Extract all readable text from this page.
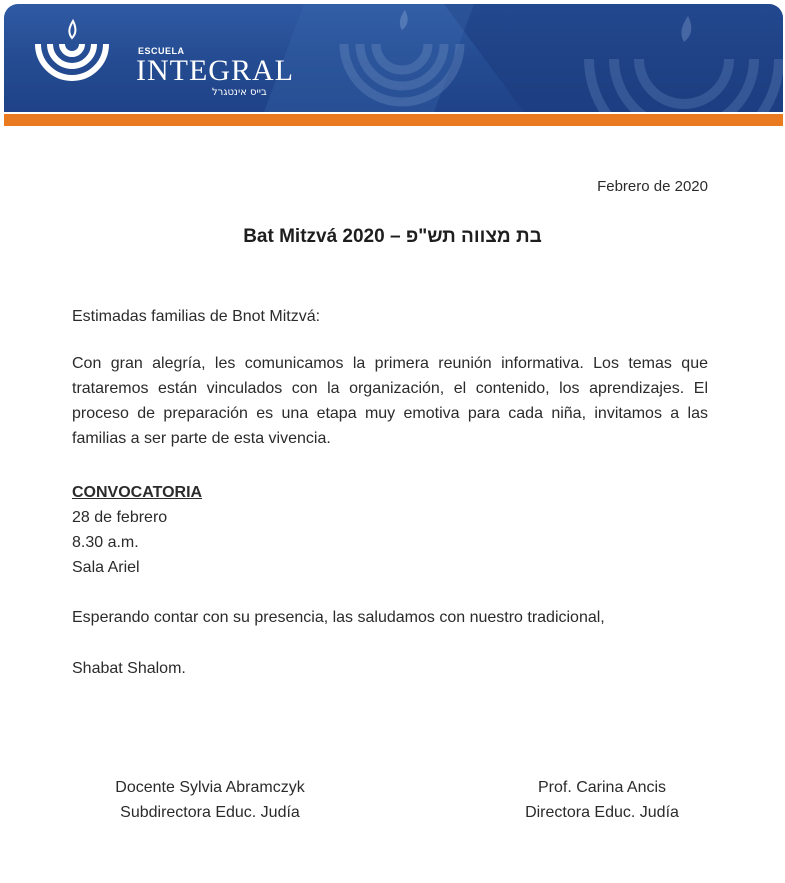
ESCUELA
INTEGRAL
בייס אינטגרל
Febrero de 2020
Bat Mitzvá 2020 – בת מצווה תש"פ
Estimadas familias de Bnot Mitzvá:
Con gran alegría, les comunicamos la primera reunión informativa. Los temas que trataremos están vinculados con la organización, el contenido, los aprendizajes. El proceso de preparación es una etapa muy emotiva para cada niña, invitamos a las familias a ser parte de esta vivencia.
CONVOCATORIA
28 de febrero
8.30 a.m.
Sala Ariel
Esperando contar con su presencia, las saludamos con nuestro tradicional,
Shabat Shalom.
Docente Sylvia Abramczyk
Subdirectora Educ. Judía
Prof. Carina Ancis
Directora Educ. Judía
